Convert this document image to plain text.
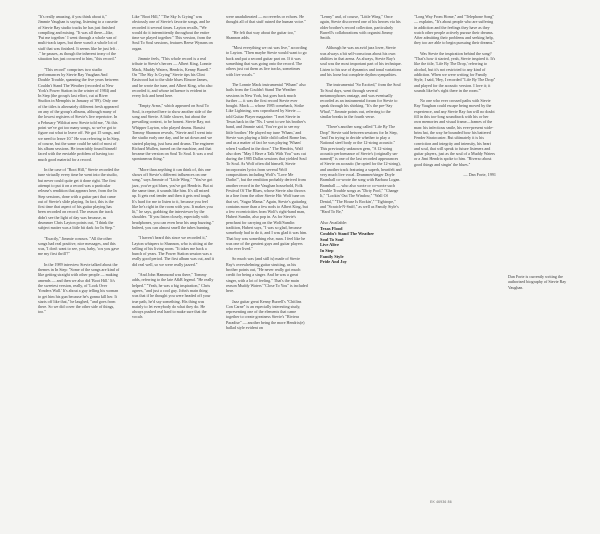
"It's really amazing, if you think about it," Jimmie Vaughan is saying, listening to a cassette of Stevie Ray studio tracks he has just finished compiling and mixing. "It was all there—like, 'Put me together.' I went through a whole van of multi-track tapes, but there wasn't a whole lot of stuff that was finished. It seems like he just left . . ." he pauses, as though the inherent irony of the situation has just occurred to him, "this record."

"This record" comprises two studio performances by Stevie Ray Vaughan And Double Trouble, spanning the five years between Couldn't Stand The Weather (recorded at New York's Power Station in the winter of 1984) and In Step (the group's last effort, cut at River Studios in Memphis in January of '89). Only one of the titles is alternately different fresh appeared on any of the group's albums, although many of the lowest registers of Stevie's live repertoire. In a February 'Wildcat new Stevie told me, "At this point we've got too many songs, so we've got to figure out what to leave off. We got 15 songs, and we need to leave 10." He was referring to In Step, of course, but the same could be said of most of his album sessions. He invariably found himself faced with the enviable problem of having too much good material for a record.

In the case of "Boot Hill," Stevie recorded the tune virtually every time he went into the studio, but never could quite get it done right. The first attempt to put it on a record was a particular release's rendition that appears here, from the In Step sessions, done with a guitar part that came out of Stevie's slide playing. In fact, this is the first time that aspect of his guitar playing has been recorded on record. The reason the track didn't see the light of day was because, as drummer Chris Layton points out, "I think the subject matter was a little bit dark for In Step."

"Exactly," Jimmie concurs. "All the other songs had real positive, nice messages, and this was, 'I don't want to see, you, baby, 'cos you gave me my first thrill'!"

In the 1989 interview Stevie talked about the themes in In Step: "Some of the songs are kind of like getting straight with other people — making amends — and then we also did 'Boot Hill.' It's the sweetest version, really, of 'Look Over Yonders Wall.' It's about a guy telling his woman to get him his gun because he's gonna kill her. It starts off like that," he laughed, "and goes from there. So we did cover the other side of things, too."

Like "Boot Hill," "The Sky Is Crying" was obviously one of Stevie's favorite songs, and he recorded it several times. Layton recalls, "We would do it intermittently throughout the entire time we played together." This version, from the Soul To Soul sessions, features Reese Wynans on organ.

Jimmie feels, "This whole record is a real tribute to Stevie's heroes — Albert King, Lonnie Mack, Muddy Waters, Hendrix, Kenny Burrell." On "The Sky Is Crying" Stevie tips his Clint Eastwood hat to the slide blues Elmore James, and he wrote the tune, and Albert King, who also recorded it, and whose influence is evident in every lick and bend here.

"Empty Arms," which appeared on Soul To Soul, is reprised here to show another side of the song and Stevie. A little slower, but about the prevailing context, to be honest. Stevie Ray, not Whipper Layton, who played drums. Bassist Tommy Shannon reveals, "Stevie and I went into the studio early one day, and he sat down and we started playing, just bass and drums. The engineer Richard Mullen, turned on the machine, and that became the version on Soul To Soul. It was a real spontaneous thing."

"More than anything it can think of, this one shows off Stevie's different influences on one song," says Jimmie of "Little Wing." "You've got jazz, you've got blues, you've got Hendrix. But at the same time, it sounds like him. It's all mixed up. It gets real tender and then it gets real tough. It's hard for me to listen to it, because you feel like he's right in the room with you. It makes you lit," he says, grabbing the interviewer by the shoulder. "If you listen closely, especially with headphones, you can even hear his amp buzzing." Indeed, you can almost smell the tubes burning.

"I haven't heard this since we recorded it," Layton whispers to Shannon, who is sitting at the selling of his living room. "It takes me back a bunch of years. The Power Station session was a really good period. The first album was cut, and it did real well, so we were really jazzed."

"And John Hammond was there," Tommy adds, referring to the late A&R legend. "He really helped." "Yeah, he was a big inspiration," Chris agrees, "and just a cool guy. John's main thing was that if he thought you were headed off your true path, he'd say something. His thing was mainly to let everybody do what they do. He always pushed real hard to make sure that the vocals

were unadulterated — no reverbs or echoes. He thought all of that stuff ruined the human voice."

"He felt that way about the guitar too," Shannon adds.

"Most everything we cut was live," according to Layton. "Then maybe Stevie would want to go back and put a second guitar part on. If it was something that was going onto the record. The others just cut them as live tracks, sometimes with live vocals."

The Lonnie Mack instrumental "Wham" also hails from the Couldn't Stand The Weather sessions in New York, but goes back much further — it was the first record Stevie ever bought. Mack — whose 1985 comeback, Strike Like Lightning, was coproduced by Stevie — told Guitar Player magazine: "I met Stevie in Texas back in the '70s. I went to see his brother's band, and Jimmie said, 'You've got to see my little brother.' He played my tune 'Wham,' and Stevie was playing a little child called Rome Inn, and as a matter of fact he was playing 'Wham' when I walked in the door." The Hendrix, Walf also does "May I Have a Talk With You" was cut during the 1985 Dallas sessions that yielded Soul To Soul. As Wolf often did himself, Stevie incorporates lyrics from several Wolf compositions including Wolf's "Love Me Darlin'", but the rendition probably derived from another record in the Vaughan household, Folk Festival Of The Blues, whose Stevie also throws in a line from the other Stevie Hit: Wolf tune on that set, "Sugar Mama." Again, Stevie's guitarlng contains more than a few nods to Albert King, but a few eccentricities from Wolf's right-hand man, Hubert Sumlin, also pop in. As for Stevie's penchant for carrying on the Wolf/Sumlin tradition, Hubert says, "I was so glad, because somebody had to do it, and I was glad it was him. That boy was something else, man. I feel like he was one of the greatest guys and guitar players who ever lived."

So much was (and still is) made of Stevie Ray's overwhelming guitar strutting, as his brother points out, "He never really got much credit for being a singer. And he was a great singer, with a lot of feeling." That's the main reason Muddy Waters' "Close To You" is included here.

Jazz guitar great Kenny Burrell's "Chitlins Con Carne" is an especially interesting study, representing one of the elements that came together to create greatness Stevie's "Riviera Paradise" — another being the more Hendrix(e) ballad style evident on

"Lenny" and, of course, "Little Wing." Once again, Stevie discovered one of his heroes via his older brother's record collection, particularly Burrell's collaborations with organist Jimmy Smith.

Although he was an avid jazz lover, Stevie was always a bit self-conscious about his own abilities in that arena. As always, Stevie Ray's soul was the most important part of his technique. Listen to his use of dynamics and tonal variations and his loose but complete rhythm sympathies.

The instrumental "So Excited," from the Soul To Soul days, went through several metamorphoses onstage, and was eventually recorded as an instrumental forum for Stevie to speak through his shirking. "It's the pre-'Say What!,'" Jimmie points out, referring to the similar breaks in the fourth verse.

"There's another song called "Life By The Drop" Stevie said between sessions for In Step, "and I'm trying to decide whether to play a National steel body or the 12-string acoustic." This previously unknown gem, "A 12-string acoustic performance of Stevie's (originally un-named)" is one of the last recorded appearances of Stevie on acoustic (he opted for the 12-string), and another track featuring a superb, heartfelt and very much live vocal. Drummer/singer Doyle Bramhall co-wrote the song with Barbara Logan. Bramhall — who also wrote or co-wrote such Double Trouble songs as "Dirty Pool," "Change It," "Lookin' Out The Window," "Wall Of Denial," "The House Is Rockin'," "Tightrope," and "Scratch-N-Sniff," as well as Family Style's "Hard To Be,"

Also Available:
Texas Flood
Couldn't Stand The Weather
Soul To Soul
Live Alive
In Step
Family Style
Pride And Joy

"Long Way From Home," and "Telephone Song" — explains, "It's about people who are suffering in addiction and the feelings they have as they watch other people actively pursue their dreams. After admitting their problems and seeking help, they too are able to begin pursuing their dreams."

Was Stevie the inspiration behind the song? "That's how it started, yeah, Stevie inspired it. It's like the title, 'Life By The Drop,' referring to alcohol, but it's not restricted to any kind of addiction. When we were writing for Family Style, I said, 'Hey, I recorded "Life By The Drop" and played for the acoustic version. I love it; it sounds like he's right there in the room.'"

No one who ever crossed paths with Stevie Ray Vaughan could escape being moved by the experience, and any Stevie Ray fan will no doubt fill in this too-long soundtrack with his or her own memories and visual frame—frames of the man: his infectious smile, his ever-present wide-brim hat, the way he bounded bow his battered Fender Stratocaster. But ultimately it is his conviction and integrity and intensity, his heart and soul, that will speak to future listeners and guitar players, just as the soul of a Muddy Waters or a Jimi Hendrix spoke to him. "Riverso about good things and singin' the blues."

— Dan Forte, 1991
Dan Forte is currently writing the authorized biography of Stevie Ray Vaughan.
EK 46936 86
